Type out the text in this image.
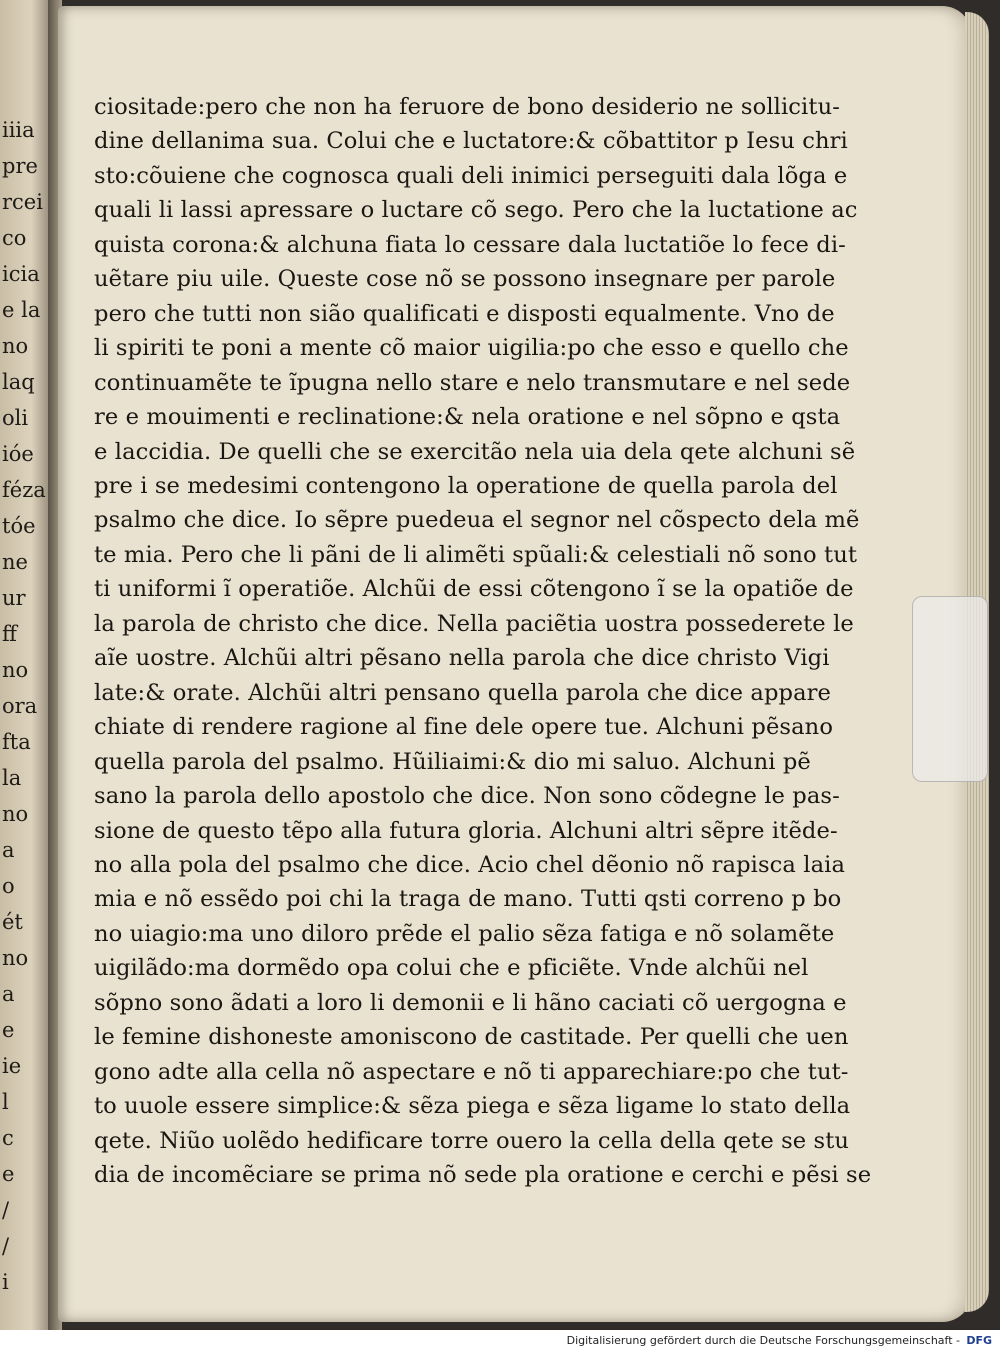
iiia
pre
rcei
co
icia
e la
no
laq
oli
ióe
féza
tóe
ne
ur
ff
no
ora
fta
la
no
a
o
ét
no
a
e
ie
l
c
e
/
/
i
ciositade:pero che non ha feruore de bono desiderio ne sollicitu-
dine dellanima sua. Colui che e luctatore:& cõbattitor p Iesu chri
sto:cõuiene che cognosca quali deli inimici perseguiti dala lõga e
quali li lassi apressare o luctare cõ sego. Pero che la luctatione ac
quista corona:& alchuna fiata lo cessare dala luctatiõe lo fece di-
uẽtare piu uile. Queste cose nõ se possono insegnare per parole
pero che tutti non sião qualificati e disposti equalmente. Vno de
li spiriti te poni a mente cõ maior uigilia:po che esso e quello che
continuamẽte te ĩpugna nello stare e nelo transmutare e nel sede
re e mouimenti e reclinatione:& nela oratione e nel sõpno e qsta
e laccidia. De quelli che se exercitão nela uia dela qete alchuni sẽ
pre i se medesimi contengono la operatione de quella parola del
psalmo che dice. Io sẽpre puedeua el segnor nel cõspecto dela mẽ
te mia. Pero che li pãni de li alimẽti spũali:& celestiali nõ sono tut
ti uniformi ĩ operatiõe. Alchũi de essi cõtengono ĩ se la opatiõe de
la parola de christo che dice. Nella paciẽtia uostra possederete le
aĩe uostre. Alchũi altri pẽsano nella parola che dice christo Vigi
late:& orate. Alchũi altri pensano quella parola che dice appare
chiate di rendere ragione al fine dele opere tue. Alchuni pẽsano
quella parola del psalmo. Hũiliaimi:& dio mi saluo. Alchuni pẽ
sano la parola dello apostolo che dice. Non sono cõdegne le pas-
sione de questo tẽpo alla futura gloria. Alchuni altri sẽpre itẽde-
no alla pola del psalmo che dice. Acio chel dẽonio nõ rapisca laia
mia e nõ essẽdo poi chi la traga de mano. Tutti qsti correno p bo
no uiagio:ma uno diloro prẽde el palio sẽza fatiga e nõ solamẽte
uigilãdo:ma dormẽdo opa colui che e pficiẽte. Vnde alchũi nel
sõpno sono ãdati a loro li demonii e li hãno caciati cõ uergogna e
le femine dishoneste amoniscono de castitade. Per quelli che uen
gono adte alla cella nõ aspectare e nõ ti apparechiare:po che tut-
to uuole essere simplice:& sẽza piega e sẽza ligame lo stato della
qete. Niũo uolẽdo hedificare torre ouero la cella della qete se stu
dia de incomẽciare se prima nõ sede pla oratione e cerchi e pẽsi se
Digitalisierung gefördert durch die Deutsche Forschungsgemeinschaft - DFG
